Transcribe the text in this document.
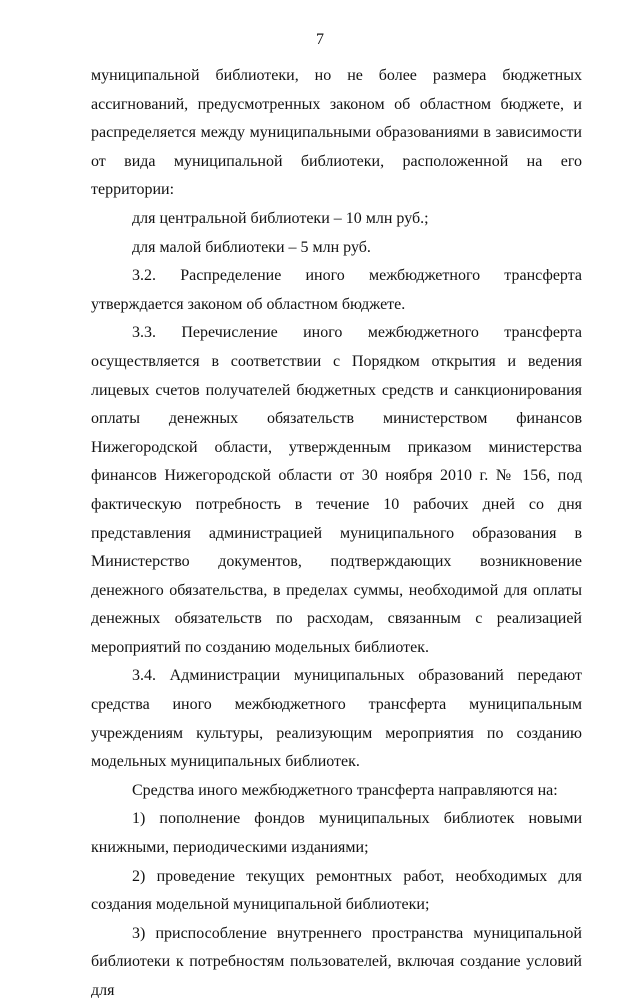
7

муниципальной библиотеки, но не более размера бюджетных ассигнований, предусмотренных законом об областном бюджете, и распределяется между муниципальными образованиями в зависимости от вида муниципальной библиотеки, расположенной на его территории:

для центральной библиотеки – 10 млн руб.;

для малой библиотеки – 5 млн руб.

3.2. Распределение иного межбюджетного трансферта утверждается законом об областном бюджете.

3.3. Перечисление иного межбюджетного трансферта осуществляется в соответствии с Порядком открытия и ведения лицевых счетов получателей бюджетных средств и санкционирования оплаты денежных обязательств министерством финансов Нижегородской области, утвержденным приказом министерства финансов Нижегородской области от 30 ноября 2010 г. № 156, под фактическую потребность в течение 10 рабочих дней со дня представления администрацией муниципального образования в Министерство документов, подтверждающих возникновение денежного обязательства, в пределах суммы, необходимой для оплаты денежных обязательств по расходам, связанным с реализацией мероприятий по созданию модельных библиотек.

3.4. Администрации муниципальных образований передают средства иного межбюджетного трансферта муниципальным учреждениям культуры, реализующим мероприятия по созданию модельных муниципальных библиотек.

Средства иного межбюджетного трансферта направляются на:

1) пополнение фондов муниципальных библиотек новыми книжными, периодическими изданиями;

2) проведение текущих ремонтных работ, необходимых для создания модельной муниципальной библиотеки;

3) приспособление внутреннего пространства муниципальной библиотеки к потребностям пользователей, включая создание условий для
